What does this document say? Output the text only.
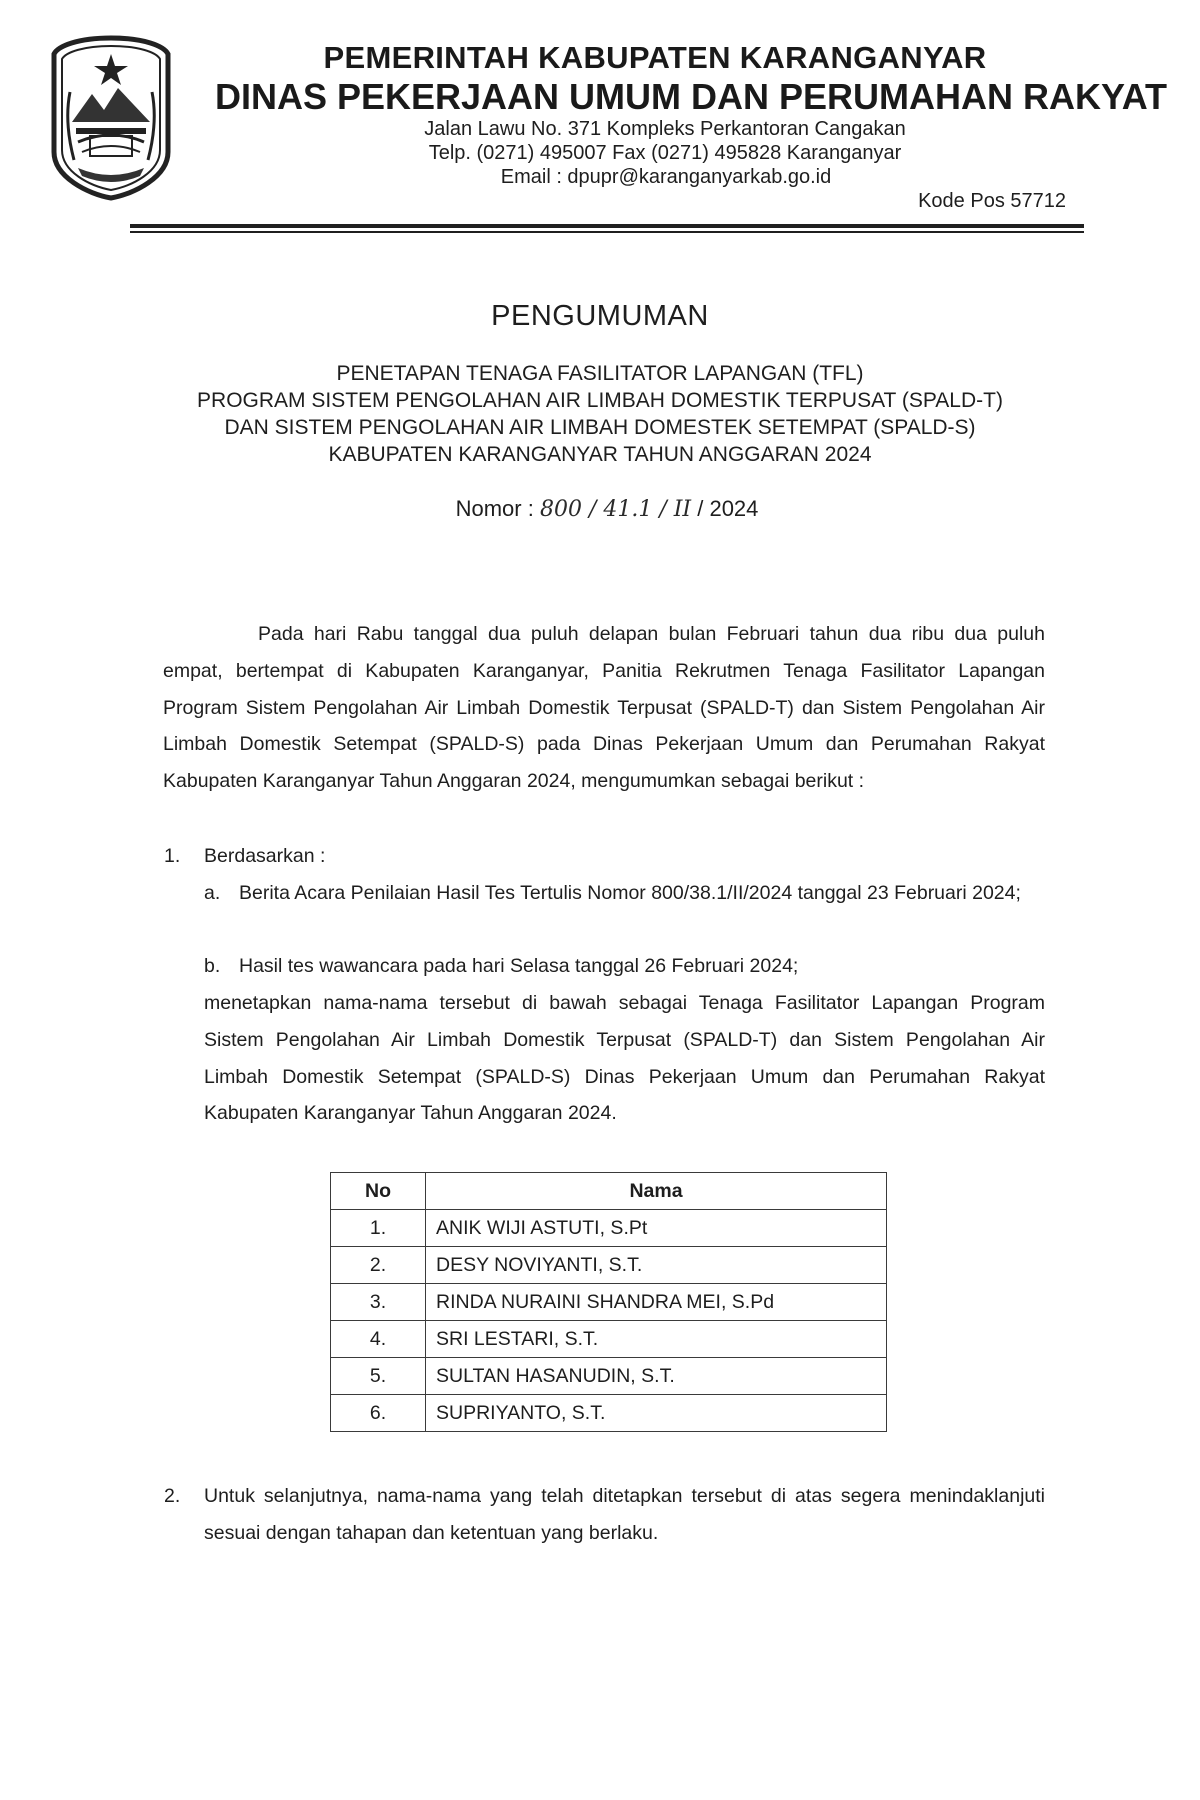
PEMERINTAH KABUPATEN KARANGANYAR

DINAS PEKERJAAN UMUM DAN PERUMAHAN RAKYAT

Jalan Lawu No. 371 Kompleks Perkantoran Cangakan

Telp. (0271) 495007 Fax (0271) 495828 Karanganyar

Email : dpupr@karanganyarkab.go.id

Kode Pos 57712

PENGUMUMAN

PENETAPAN TENAGA FASILITATOR LAPANGAN (TFL)
PROGRAM SISTEM PENGOLAHAN AIR LIMBAH DOMESTIK TERPUSAT (SPALD-T)
DAN SISTEM PENGOLAHAN AIR LIMBAH DOMESTEK SETEMPAT (SPALD-S)
KABUPATEN KARANGANYAR TAHUN ANGGARAN 2024

Nomor : 800 / 41.1 / II / 2024

Pada hari Rabu tanggal dua puluh delapan bulan Februari tahun dua ribu dua puluh empat, bertempat di Kabupaten Karanganyar, Panitia Rekrutmen Tenaga Fasilitator Lapangan Program Sistem Pengolahan Air Limbah Domestik Terpusat (SPALD-T) dan Sistem Pengolahan Air Limbah Domestik Setempat (SPALD-S) pada Dinas Pekerjaan Umum dan Perumahan Rakyat Kabupaten Karanganyar Tahun Anggaran 2024, mengumumkan sebagai berikut :

1. Berdasarkan :

a. Berita Acara Penilaian Hasil Tes Tertulis Nomor 800/38.1/II/2024 tanggal 23 Februari 2024;

b. Hasil tes wawancara pada hari Selasa tanggal 26 Februari 2024;

menetapkan nama-nama tersebut di bawah sebagai Tenaga Fasilitator Lapangan Program Sistem Pengolahan Air Limbah Domestik Terpusat (SPALD-T) dan Sistem Pengolahan Air Limbah Domestik Setempat (SPALD-S) Dinas Pekerjaan Umum dan Perumahan Rakyat Kabupaten Karanganyar Tahun Anggaran 2024.

No	Nama
1.	ANIK WIJI ASTUTI, S.Pt
2.	DESY NOVIYANTI, S.T.
3.	RINDA NURAINI SHANDRA MEI, S.Pd
4.	SRI LESTARI, S.T.
5.	SULTAN HASANUDIN, S.T.
6.	SUPRIYANTO, S.T.

2. Untuk selanjutnya, nama-nama yang telah ditetapkan tersebut di atas segera menindaklanjuti sesuai dengan tahapan dan ketentuan yang berlaku.
